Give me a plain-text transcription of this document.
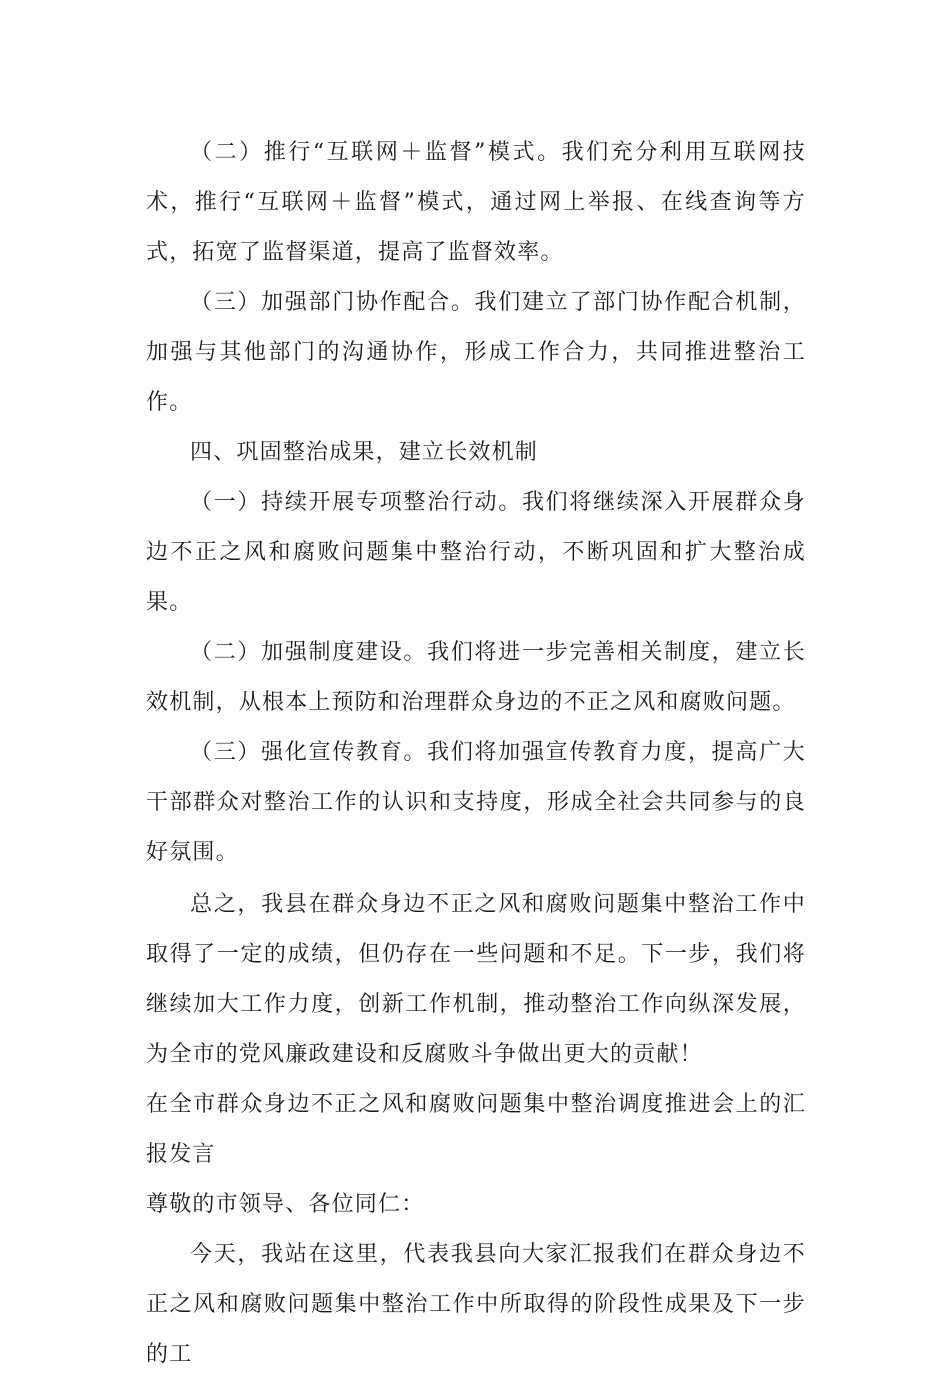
（二）推行“互联网＋监督”模式。我们充分利用互联网技术，推行“互联网＋监督”模式，通过网上举报、在线查询等方式，拓宽了监督渠道，提高了监督效率。

（三）加强部门协作配合。我们建立了部门协作配合机制，加强与其他部门的沟通协作，形成工作合力，共同推进整治工作。

四、巩固整治成果，建立长效机制

（一）持续开展专项整治行动。我们将继续深入开展群众身边不正之风和腐败问题集中整治行动，不断巩固和扩大整治成果。

（二）加强制度建设。我们将进一步完善相关制度，建立长效机制，从根本上预防和治理群众身边的不正之风和腐败问题。

（三）强化宣传教育。我们将加强宣传教育力度，提高广大干部群众对整治工作的认识和支持度，形成全社会共同参与的良好氛围。

总之，我县在群众身边不正之风和腐败问题集中整治工作中取得了一定的成绩，但仍存在一些问题和不足。下一步，我们将继续加大工作力度，创新工作机制，推动整治工作向纵深发展，为全市的党风廉政建设和反腐败斗争做出更大的贡献！

在全市群众身边不正之风和腐败问题集中整治调度推进会上的汇报发言

尊敬的市领导、各位同仁：

今天，我站在这里，代表我县向大家汇报我们在群众身边不正之风和腐败问题集中整治工作中所取得的阶段性成果及下一步的工
